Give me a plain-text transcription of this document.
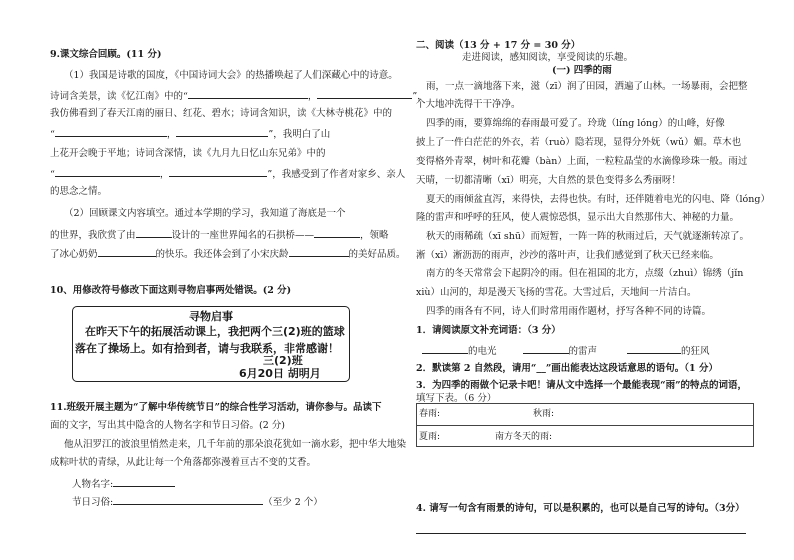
9.课文综合回顾。(11 分)
（1）我国是诗歌的国度，《中国诗词大会》的热播唤起了人们深藏心中的诗意。
诗词含美景，读《忆江南》中的“	，	”，
我仿佛看到了春天江南的丽日、红花、碧水；诗词含知识，读《大林寺桃花》中的
“	，	”，我明白了山
上花开会晚于平地；诗词含深情，读《九月九日忆山东兄弟》中的
“	，	”，我感受到了作者对家乡、亲人
的思念之情。
（2）回顾课文内容填空。通过本学期的学习，我知道了海底是一个
的世界，我欣赏了由	设计的一座世界闻名的石拱桥——	，领略
了冰心奶奶	的快乐。我还体会到了小宋庆龄	的美好品质。
10、用修改符号修改下面这则寻物启事两处错误。(2 分)
寻物启事
在昨天下午的拓展活动课上，我把两个三(2)班的篮球
落在了操场上。如有拾到者，请与我联系，非常感谢！
三(2)班
6月20日 胡明月
11.班级开展主题为“了解中华传统节日”的综合性学习活动，请你参与。品读下
面的文字，写出其中隐含的人物名字和节日习俗。(2 分)
他从汨罗江的波浪里悄然走来，几千年前的那朵浪花犹如一滴水彩，把中华大地染
成粽叶状的青绿，从此让每一个角落都弥漫着亘古不变的艾香。
人物名字:
节日习俗:	（至少 2 个）
二、阅读（13 分 + 17 分 = 30 分）
走进阅读，感知阅读，享受阅读的乐趣。
(一) 四季的雨
雨，一点一滴地落下来，滋（zī）润了田园，洒遍了山林。一场暴雨，会把整
个大地冲洗得干干净净。
四季的雨，要算绵绵的春雨最可爱了。玲珑（líng lóng）的山峰，好像
披上了一件白茫茫的外衣，若（ruò）隐若现，显得分外妩（wǔ）媚。草木也
变得格外青翠，树叶和花瓣（bàn）上面，一粒粒晶莹的水滴像珍珠一般。雨过
天晴，一切都清晰（xī）明亮，大自然的景色变得多么秀丽呀！
夏天的雨倾盆直泻，来得快，去得也快。有时，还伴随着电光的闪电、降（lóng）
隆的雷声和呼呼的狂风，使人震惊恐惧，显示出大自然那伟大、神秘的力量。
秋天的雨稀疏（xī shū）而短暂，一阵一阵的秋雨过后，天气就逐渐转凉了。
淅（xī）淅沥沥的雨声，沙沙的落叶声，让我们感觉到了秋天已经来临。
南方的冬天常常会下起阴冷的雨。但在祖国的北方，点缀（zhuì）锦绣（jǐn
xiù）山河的，却是漫天飞扬的雪花。大雪过后，天地间一片洁白。
四季的雨各有不同，诗人们时常用雨作题材，抒写各种不同的诗篇。
1．请阅读原文补充词语：（3 分）
的电光	的雷声	的狂风
2．默读第 2 自然段，请用“__”画出能表达这段话意思的语句。（1 分）
3．为四季的雨做个记录卡吧！请从文中选择一个最能表现“雨”的特点的词语，
填写下表。（6 分）
4. 请写一句含有雨景的诗句，可以是积累的，也可以是自己写的诗句。（3分）
春雨:	秋雨:
夏雨:	南方冬天的雨:
